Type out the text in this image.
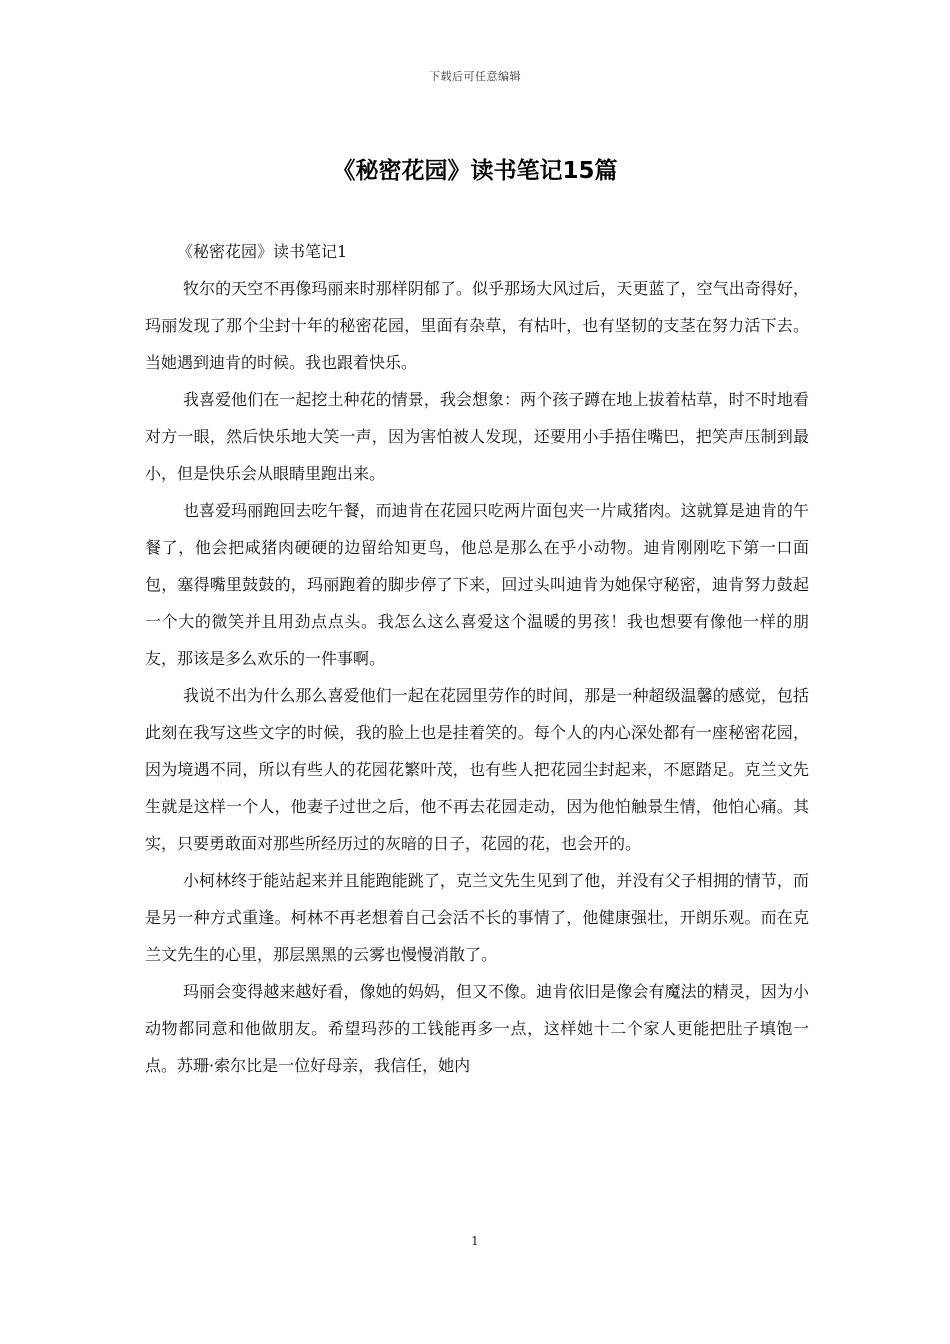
下载后可任意编辑
《秘密花园》读书笔记15篇

《秘密花园》读书笔记1

牧尔的天空不再像玛丽来时那样阴郁了。似乎那场大风过后，天更蓝了，空气出奇得好，玛丽发现了那个尘封十年的秘密花园，里面有杂草，有枯叶，也有坚韧的支茎在努力活下去。当她遇到迪肯的时候。我也跟着快乐。

我喜爱他们在一起挖土种花的情景，我会想象：两个孩子蹲在地上拔着枯草，时不时地看对方一眼，然后快乐地大笑一声，因为害怕被人发现，还要用小手捂住嘴巴，把笑声压制到最小，但是快乐会从眼睛里跑出来。

也喜爱玛丽跑回去吃午餐，而迪肯在花园只吃两片面包夹一片咸猪肉。这就算是迪肯的午餐了，他会把咸猪肉硬硬的边留给知更鸟，他总是那么在乎小动物。迪肯刚刚吃下第一口面包，塞得嘴里鼓鼓的，玛丽跑着的脚步停了下来，回过头叫迪肯为她保守秘密，迪肯努力鼓起一个大的微笑并且用劲点点头。我怎么这么喜爱这个温暖的男孩！我也想要有像他一样的朋友，那该是多么欢乐的一件事啊。

我说不出为什么那么喜爱他们一起在花园里劳作的时间，那是一种超级温馨的感觉，包括此刻在我写这些文字的时候，我的脸上也是挂着笑的。每个人的内心深处都有一座秘密花园，因为境遇不同，所以有些人的花园花繁叶茂，也有些人把花园尘封起来，不愿踏足。克兰文先生就是这样一个人，他妻子过世之后，他不再去花园走动，因为他怕触景生情，他怕心痛。其实，只要勇敢面对那些所经历过的灰暗的日子，花园的花，也会开的。

小柯林终于能站起来并且能跑能跳了，克兰文先生见到了他，并没有父子相拥的情节，而是另一种方式重逢。柯林不再老想着自己会活不长的事情了，他健康强壮，开朗乐观。而在克兰文先生的心里，那层黑黑的云雾也慢慢消散了。

玛丽会变得越来越好看，像她的妈妈，但又不像。迪肯依旧是像会有魔法的精灵，因为小动物都同意和他做朋友。希望玛莎的工钱能再多一点，这样她十二个家人更能把肚子填饱一点。苏珊·索尔比是一位好母亲，我信任，她内

1
